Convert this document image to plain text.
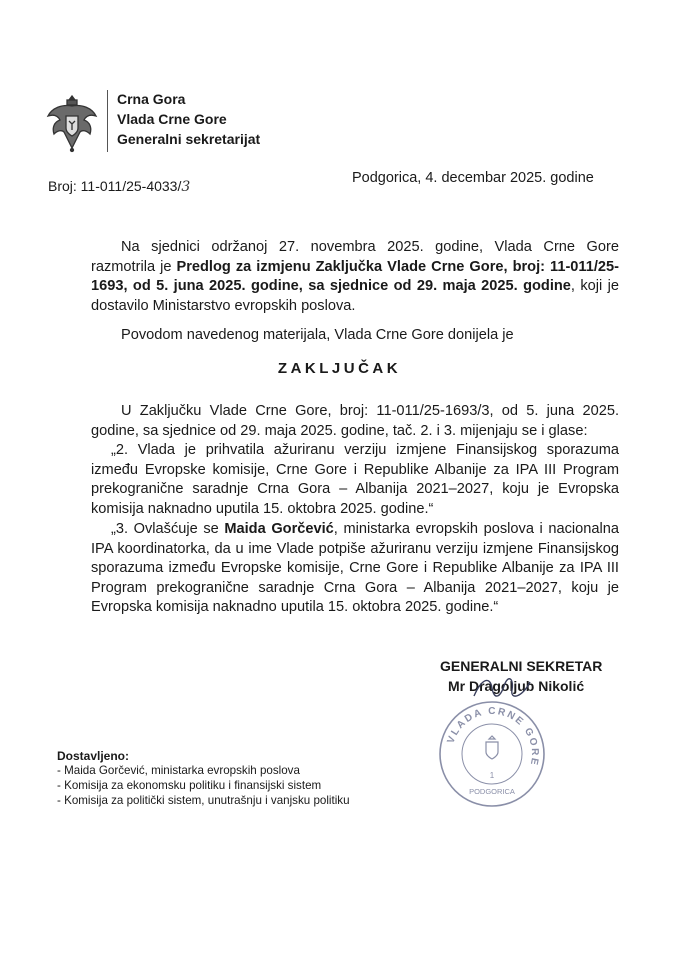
Crna Gora
Vlada Crne Gore
Generalni sekretarijat
Broj: 11-011/25-4033/3
Podgorica, 4. decembar 2025. godine
Na sjednici održanoj 27. novembra 2025. godine, Vlada Crne Gore razmotrila je Predlog za izmjenu Zaključka Vlade Crne Gore, broj: 11-011/25-1693, od 5. juna 2025. godine, sa sjednice od 29. maja 2025. godine, koji je dostavilo Ministarstvo evropskih poslova.
Povodom navedenog materijala, Vlada Crne Gore donijela je
ZAKLJUČAK
U Zaključku Vlade Crne Gore, broj: 11-011/25-1693/3, od 5. juna 2025. godine, sa sjednice od 29. maja 2025. godine, tač. 2. i 3. mijenjaju se i glase:
„2. Vlada je prihvatila ažuriranu verziju izmjene Finansijskog sporazuma između Evropske komisije, Crne Gore i Republike Albanije za IPA III Program prekogranične saradnje Crna Gora – Albanija 2021–2027, koju je Evropska komisija naknadno uputila 15. oktobra 2025. godine.“
„3. Ovlašćuje se Maida Gorčević, ministarka evropskih poslova i nacionalna IPA koordinatorka, da u ime Vlade potpiše ažuriranu verziju izmjene Finansijskog sporazuma između Evropske komisije, Crne Gore i Republike Albanije za IPA III Program prekogranične saradnje Crna Gora – Albanija 2021–2027, koju je Evropska komisija naknadno uputila 15. oktobra 2025. godine.“
GENERALNI SEKRETAR
Mr Dragoljub Nikolić
VLADA CRNE GORE
1
PODGORICA
Dostavljeno:
- Maida Gorčević, ministarka evropskih poslova
- Komisija za ekonomsku politiku i finansijski sistem
- Komisija za politički sistem, unutrašnju i vanjsku politiku
